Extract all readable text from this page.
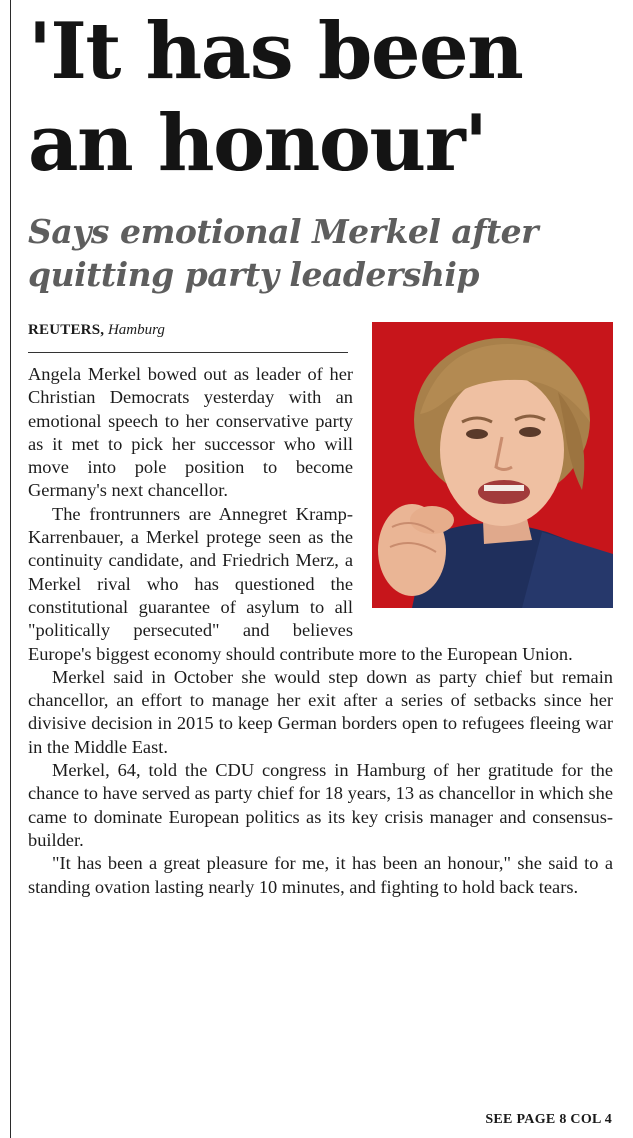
'It has been
an honour'
Says emotional Merkel after
quitting party leadership
REUTERS, Hamburg

Angela Merkel bowed out as leader of her Christian Democrats yesterday with an emotional speech to her conservative party as it met to pick her successor who will move into pole position to become Germany's next chancellor.

The frontrunners are Annegret Kramp-Karrenbauer, a Merkel protege seen as the continuity candidate, and Friedrich Merz, a Merkel rival who has questioned the constitutional guarantee of asylum to all "politically persecuted" and believes Europe's biggest economy should contribute more to the European Union.

Merkel said in October she would step down as party chief but remain chancellor, an effort to manage her exit after a series of setbacks since her divisive decision in 2015 to keep German borders open to refugees fleeing war in the Middle East.

Merkel, 64, told the CDU congress in Hamburg of her gratitude for the chance to have served as party chief for 18 years, 13 as chancellor in which she came to dominate European politics as its key crisis manager and consensus-builder.

"It has been a great pleasure for me, it has been an honour," she said to a standing ovation lasting nearly 10 minutes, and fighting to hold back tears.

SEE PAGE 8 COL 4
